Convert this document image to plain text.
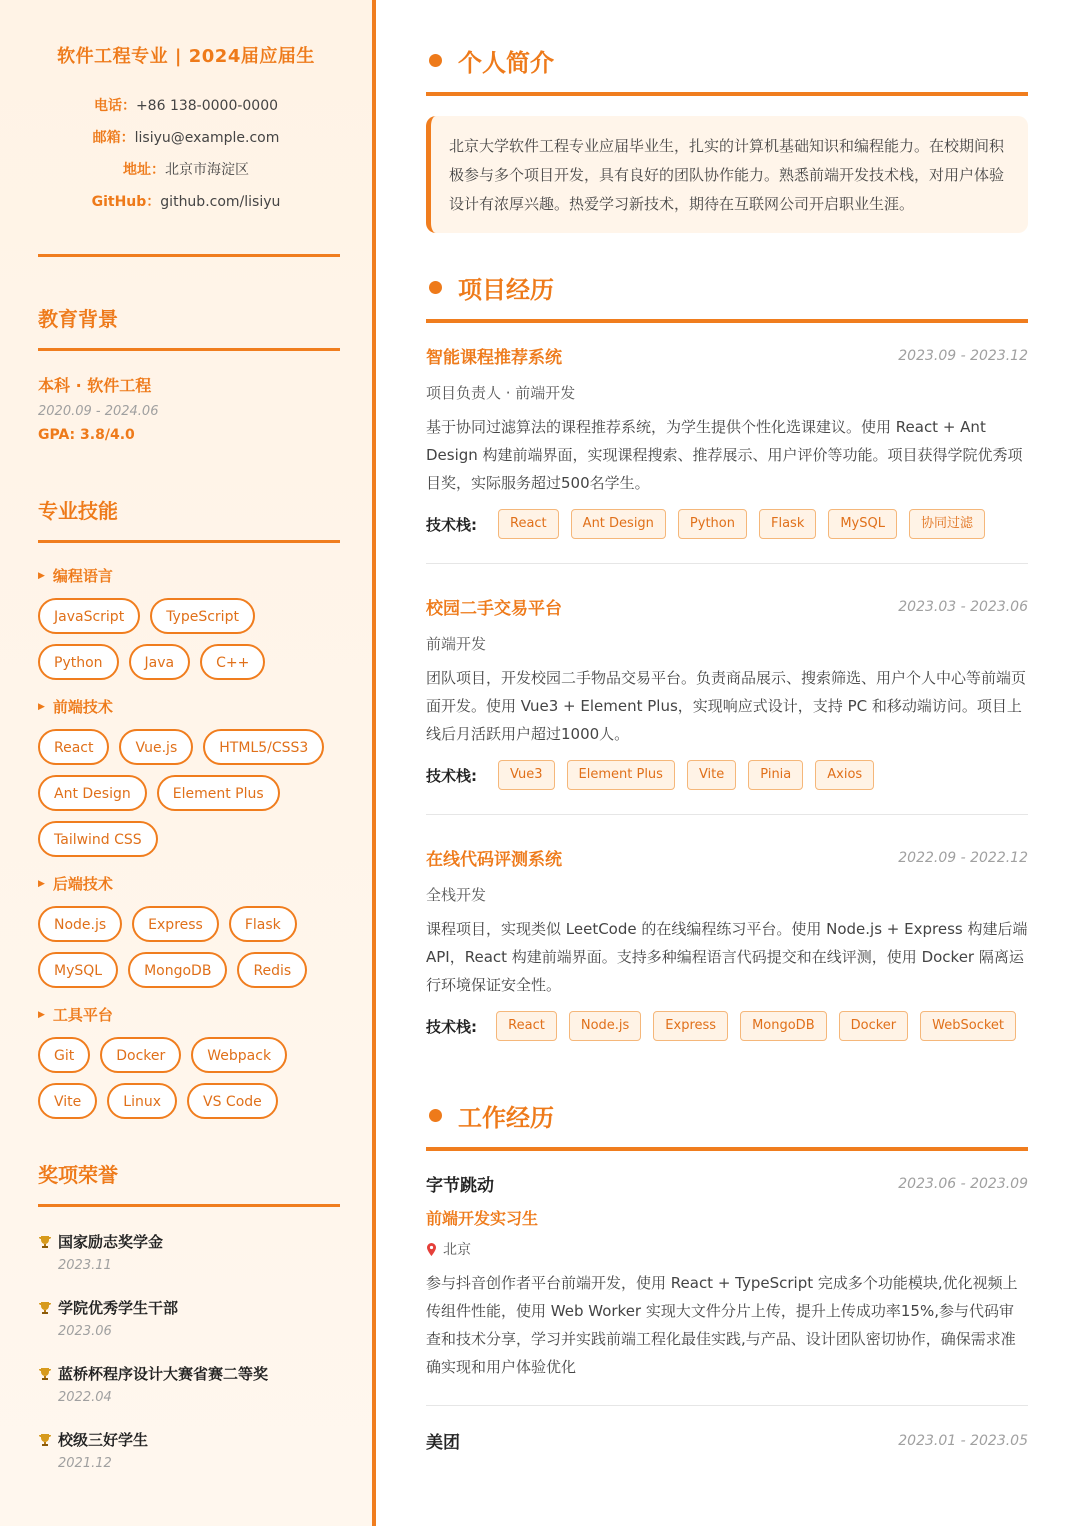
软件工程专业 | 2024届应届生
电话：+86 138-0000-0000
邮箱：lisiyu@example.com
地址：北京市海淀区
GitHub：github.com/lisiyu
教育背景
本科 · 软件工程
2020.09 - 2024.06
GPA: 3.8/4.0
专业技能
▶ 编程语言
JavaScript	TypeScript
Python	Java	C++
▶ 前端技术
React	Vue.js	HTML5/CSS3
Ant Design	Element Plus
Tailwind CSS
▶ 后端技术
Node.js	Express	Flask
MySQL	MongoDB	Redis
▶ 工具平台
Git	Docker	Webpack
Vite	Linux	VS Code
奖项荣誉
国家励志奖学金
2023.11
学院优秀学生干部
2023.06
蓝桥杯程序设计大赛省赛二等奖
2022.04
校级三好学生
2021.12
个人简介
北京大学软件工程专业应届毕业生，扎实的计算机基础知识和编程能力。在校期间积极参与多个项目开发，具有良好的团队协作能力。熟悉前端开发技术栈，对用户体验设计有浓厚兴趣。热爱学习新技术，期待在互联网公司开启职业生涯。
项目经历
智能课程推荐系统	2023.09 - 2023.12
项目负责人 · 前端开发
基于协同过滤算法的课程推荐系统，为学生提供个性化选课建议。使用 React + Ant Design 构建前端界面，实现课程搜索、推荐展示、用户评价等功能。项目获得学院优秀项目奖，实际服务超过500名学生。
技术栈:	React	Ant Design	Python	Flask	MySQL	协同过滤
校园二手交易平台	2023.03 - 2023.06
前端开发
团队项目，开发校园二手物品交易平台。负责商品展示、搜索筛选、用户个人中心等前端页面开发。使用 Vue3 + Element Plus，实现响应式设计，支持 PC 和移动端访问。项目上线后月活跃用户超过1000人。
技术栈:	Vue3	Element Plus	Vite	Pinia	Axios
在线代码评测系统	2022.09 - 2022.12
全栈开发
课程项目，实现类似 LeetCode 的在线编程练习平台。使用 Node.js + Express 构建后端 API，React 构建前端界面。支持多种编程语言代码提交和在线评测，使用 Docker 隔离运行环境保证安全性。
技术栈:	React	Node.js	Express	MongoDB	Docker	WebSocket
工作经历
字节跳动	2023.06 - 2023.09
前端开发实习生
北京
参与抖音创作者平台前端开发，使用 React + TypeScript 完成多个功能模块,优化视频上传组件性能，使用 Web Worker 实现大文件分片上传，提升上传成功率15%,参与代码审查和技术分享，学习并实践前端工程化最佳实践,与产品、设计团队密切协作，确保需求准确实现和用户体验优化
美团	2023.01 - 2023.05
